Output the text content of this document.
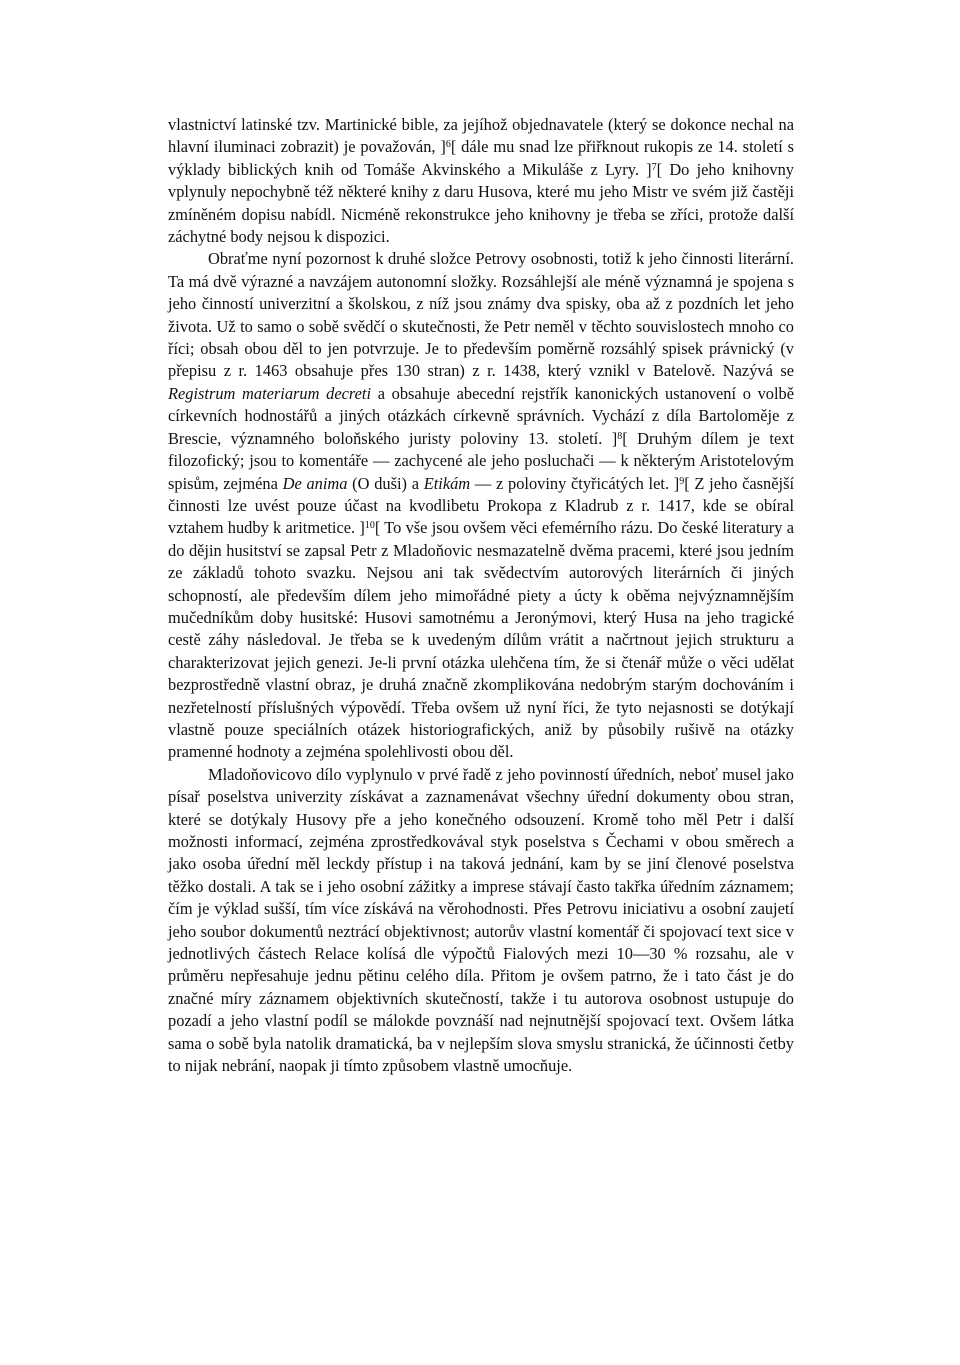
vlastnictví latinské tzv. Martinické bible, za jejíhož objednavatele (který se dokonce nechal na hlavní iluminaci zobrazit) je považován, ]$^6$[ dále mu snad lze přiřknout rukopis ze 14. století s výklady biblických knih od Tomáše Akvinského a Mikuláše z Lyry. ]$^7$[ Do jeho knihovny vplynuly nepochybně též některé knihy z daru Husova, které mu jeho Mistr ve svém již častěji zmíněném dopisu nabídl. Nicméně rekonstrukce jeho knihovny je třeba se zříci, protože další záchytné body nejsou k dispozici.

Obraťme nyní pozornost k druhé složce Petrovy osobnosti, totiž k jeho činnosti literární. Ta má dvě výrazné a navzájem autonomní složky. Rozsáhlejší ale méně významná je spojena s jeho činností univerzitní a školskou, z níž jsou známy dva spisky, oba až z pozdních let jeho života. Už to samo o sobě svědčí o skutečnosti, že Petr neměl v těchto souvislostech mnoho co říci; obsah obou děl to jen potvrzuje. Je to především poměrně rozsáhlý spisek právnický (v přepisu z r. 1463 obsahuje přes 130 stran) z r. 1438, který vznikl v Batelově. Nazývá se Registrum materiarum decreti a obsahuje abecední rejstřík kanonických ustanovení o volbě církevních hodnostářů a jiných otázkách církevně správních. Vychází z díla Bartoloměje z Brescie, významného boloňského juristy poloviny 13. století. ]$^8$[ Druhým dílem je text filozofický; jsou to komentáře — zachycené ale jeho posluchači — k některým Aristotelovým spisům, zejména De anima (O duši) a Etikám — z poloviny čtyřicátých let. ]$^9$[ Z jeho časnější činnosti lze uvést pouze účast na kvodlibetu Prokopa z Kladrub z r. 1417, kde se obíral vztahem hudby k aritmetice. ]$^{10}$[ To vše jsou ovšem věci efemérního rázu. Do české literatury a do dějin husitství se zapsal Petr z Mladoňovic nesmazatelně dvěma pracemi, které jsou jedním ze základů tohoto svazku. Nejsou ani tak svědectvím autorových literárních či jiných schopností, ale především dílem jeho mimořádné piety a úcty k oběma nejvýznamnějším mučedníkům doby husitské: Husovi samotnému a Jeronýmovi, který Husa na jeho tragické cestě záhy následoval. Je třeba se k uvedeným dílům vrátit a načrtnout jejich strukturu a charakterizovat jejich genezi. Je-li první otázka ulehčena tím, že si čtenář může o věci udělat bezprostředně vlastní obraz, je druhá značně zkomplikována nedobrým starým dochováním i nezřetelností příslušných výpovědí. Třeba ovšem už nyní říci, že tyto nejasnosti se dotýkají vlastně pouze speciálních otázek historiografických, aniž by působily rušivě na otázky pramenné hodnoty a zejména spolehlivosti obou děl.

Mladoňovicovo dílo vyplynulo v prvé řadě z jeho povinností úředních, neboť musel jako písař poselstva univerzity získávat a zaznamenávat všechny úřední dokumenty obou stran, které se dotýkaly Husovy pře a jeho konečného odsouzení. Kromě toho měl Petr i další možnosti informací, zejména zprostředkovával styk poselstva s Čechami v obou směrech a jako osoba úřední měl leckdy přístup i na taková jednání, kam by se jiní členové poselstva těžko dostali. A tak se i jeho osobní zážitky a imprese stávají často takřka úředním záznamem; čím je výklad sušší, tím více získává na věrohodnosti. Přes Petrovu iniciativu a osobní zaujetí jeho soubor dokumentů neztrácí objektivnost; autorův vlastní komentář či spojovací text sice v jednotlivých částech Relace kolísá dle výpočtů Fialových mezi 10—30 % rozsahu, ale v průměru nepřesahuje jednu pětinu celého díla. Přitom je ovšem patrno, že i tato část je do značné míry záznamem objektivních skutečností, takže i tu autorova osobnost ustupuje do pozadí a jeho vlastní podíl se málokde povznáší nad nejnutnější spojovací text. Ovšem látka sama o sobě byla natolik dramatická, ba v nejlepším slova smyslu stranická, že účinnosti četby to nijak nebrání, naopak ji tímto způsobem vlastně umocňuje.
